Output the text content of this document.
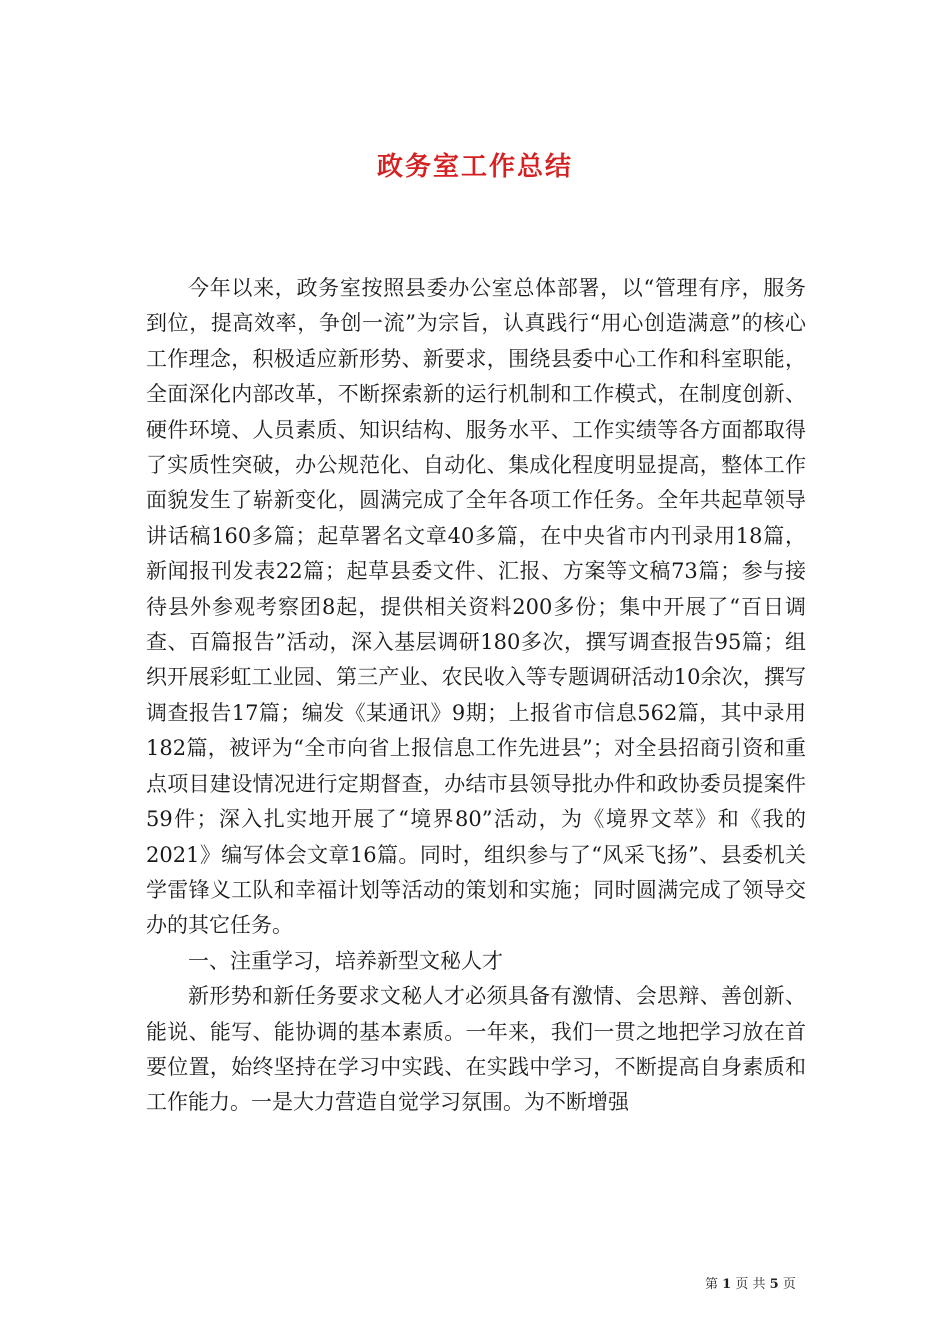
政务室工作总结

今年以来，政务室按照县委办公室总体部署，以“管理有序，服务到位，提高效率，争创一流”为宗旨，认真践行“用心创造满意”的核心工作理念，积极适应新形势、新要求，围绕县委中心工作和科室职能，全面深化内部改革，不断探索新的运行机制和工作模式，在制度创新、硬件环境、人员素质、知识结构、服务水平、工作实绩等各方面都取得了实质性突破，办公规范化、自动化、集成化程度明显提高，整体工作面貌发生了崭新变化，圆满完成了全年各项工作任务。全年共起草领导讲话稿160多篇；起草署名文章40多篇，在中央省市内刊录用18篇，新闻报刊发表22篇；起草县委文件、汇报、方案等文稿73篇；参与接待县外参观考察团8起，提供相关资料200多份；集中开展了“百日调查、百篇报告”活动，深入基层调研180多次，撰写调查报告95篇；组织开展彩虹工业园、第三产业、农民收入等专题调研活动10余次，撰写调查报告17篇；编发《某通讯》9期；上报省市信息562篇，其中录用182篇，被评为“全市向省上报信息工作先进县”；对全县招商引资和重点项目建设情况进行定期督查，办结市县领导批办件和政协委员提案件59件；深入扎实地开展了“境界80”活动，为《境界文萃》和《我的2021》编写体会文章16篇。同时，组织参与了“风采飞扬”、县委机关学雷锋义工队和幸福计划等活动的策划和实施；同时圆满完成了领导交办的其它任务。

一、注重学习，培养新型文秘人才

新形势和新任务要求文秘人才必须具备有激情、会思辩、善创新、能说、能写、能协调的基本素质。一年来，我们一贯之地把学习放在首要位置，始终坚持在学习中实践、在实践中学习，不断提高自身素质和工作能力。一是大力营造自觉学习氛围。为不断增强

第 1 页 共 5 页
